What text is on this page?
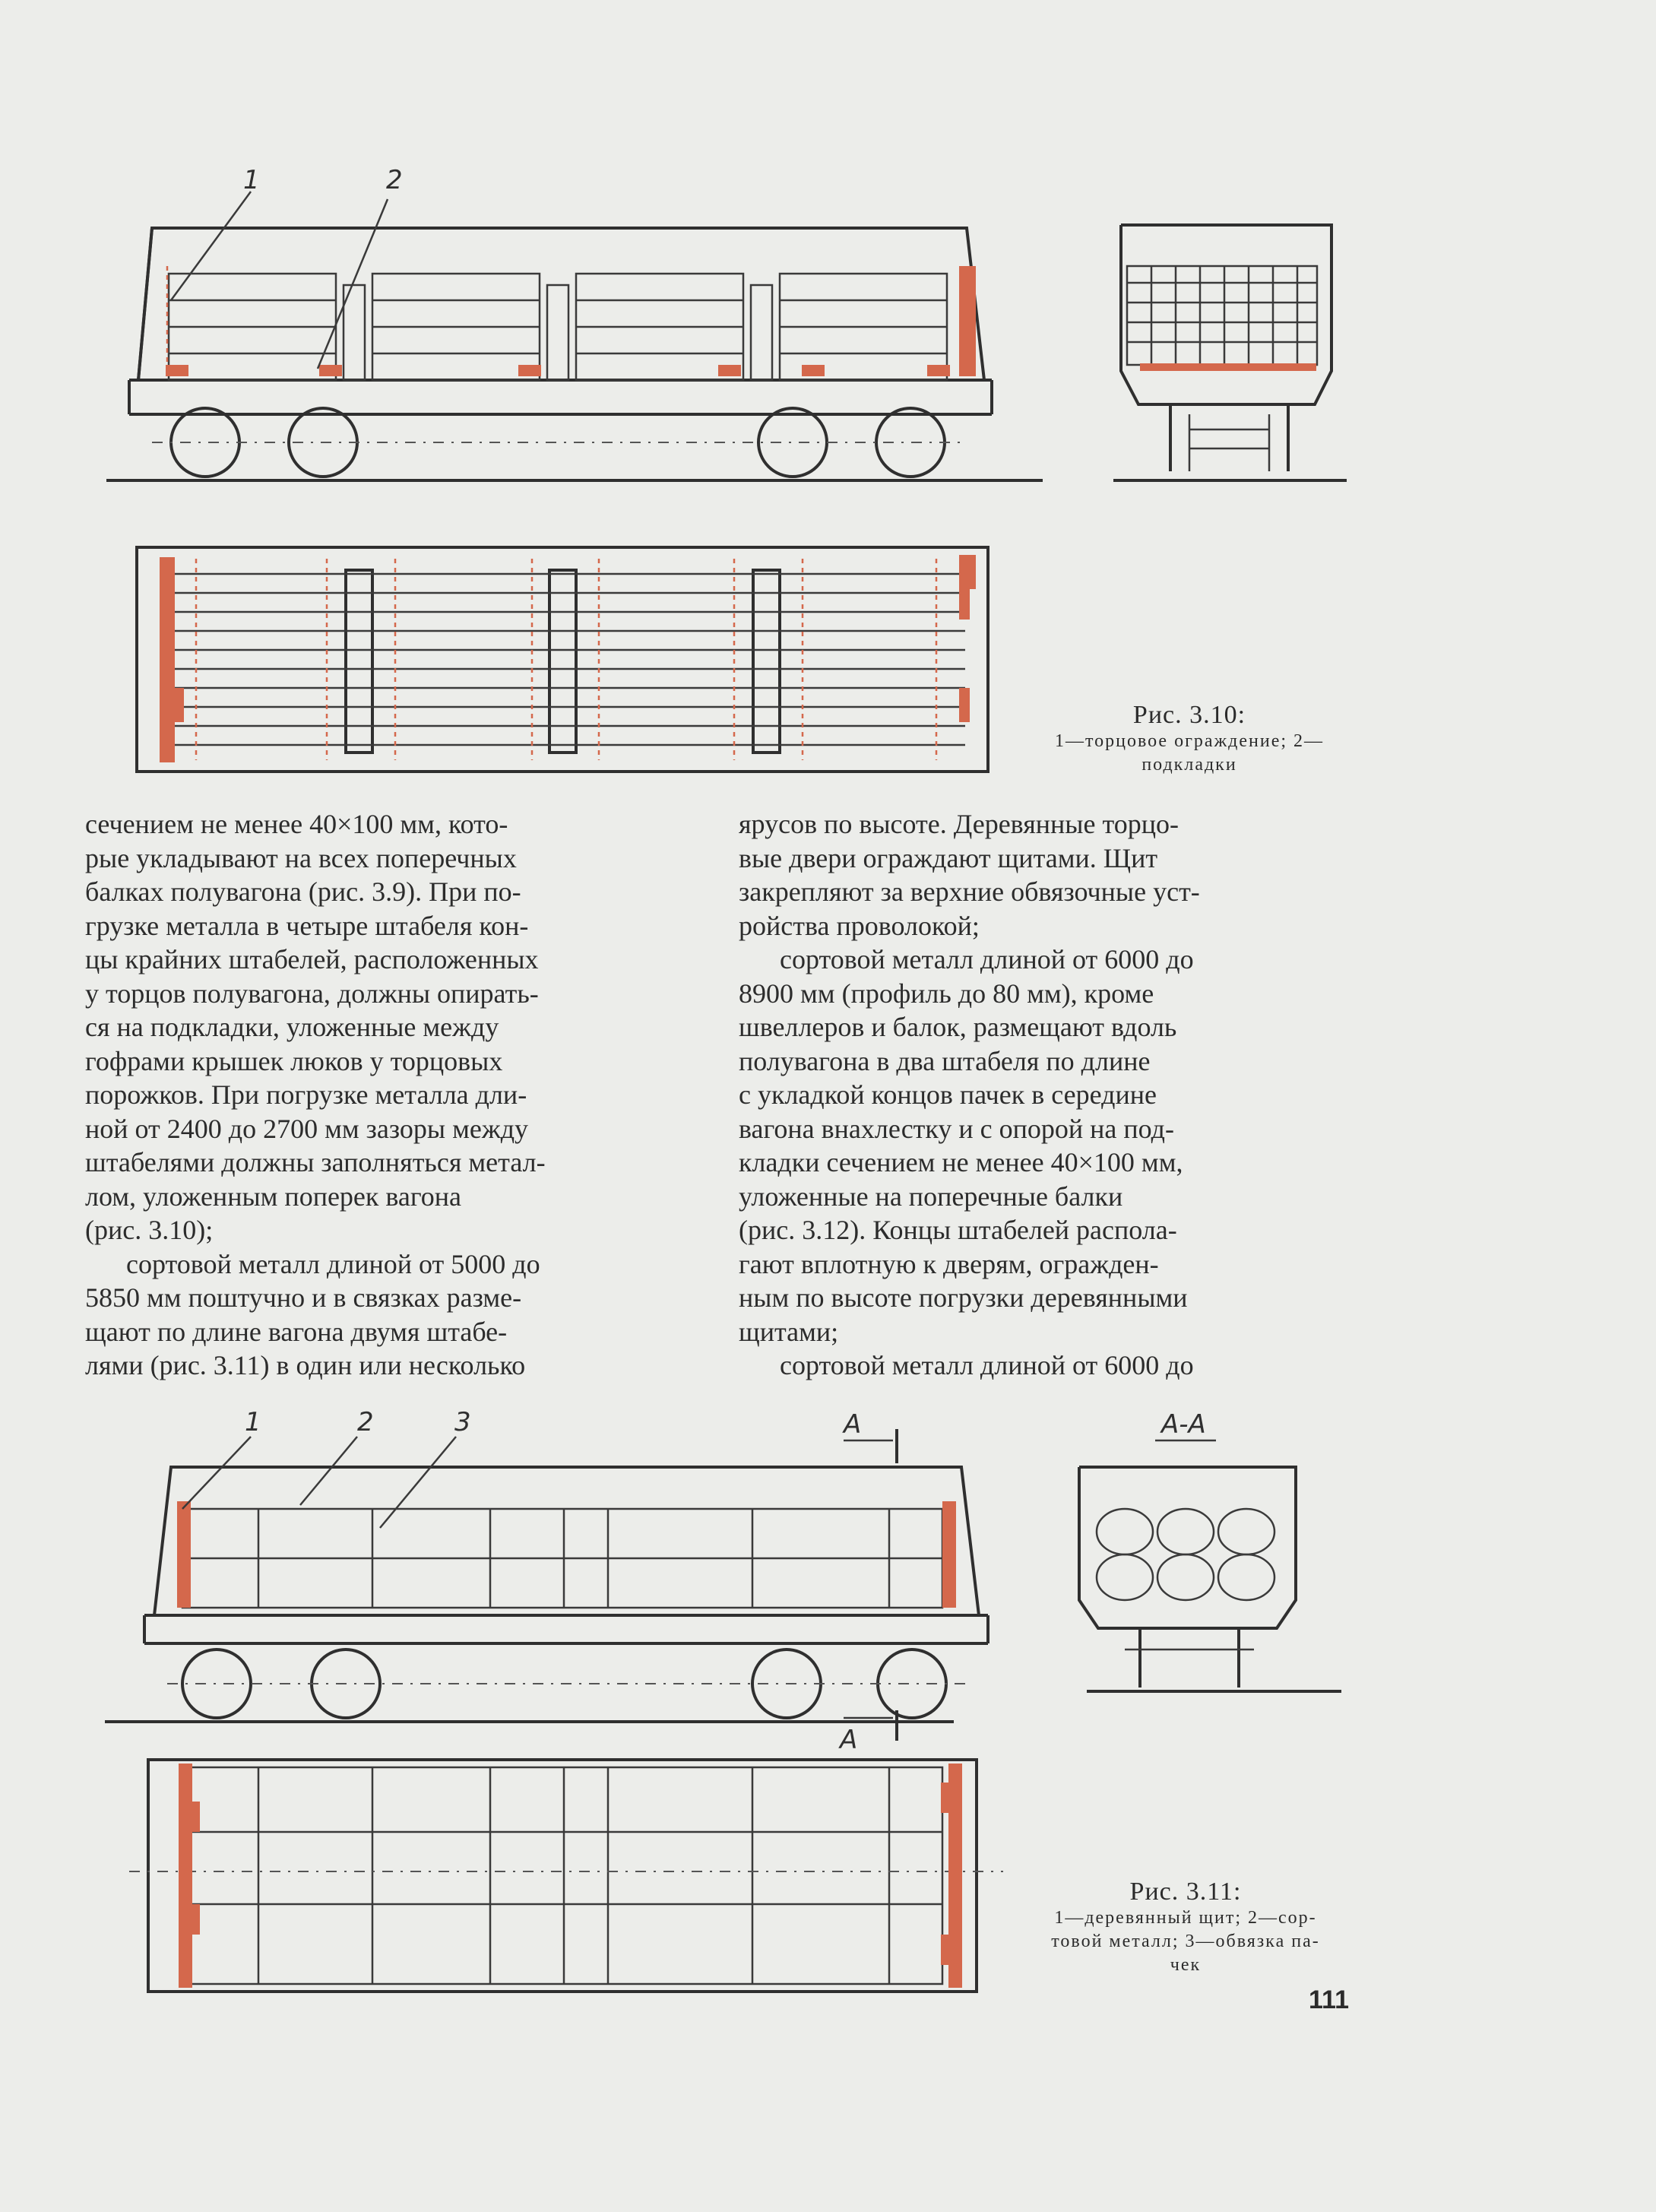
1	2
Рис. 3.10:
1—торцовое ограждение; 2—
подкладки

сечением не менее 40×100 мм, кото-

рые укладывают на всех поперечных

балках полувагона (рис. 3.9). При по-

грузке металла в четыре штабеля кон-

цы крайних штабелей, расположенных

у торцов полувагона, должны опирать-

ся на подкладки, уложенные между

гофрами крышек люков у торцовых

порожков. При погрузке металла дли-

ной от 2400 до 2700 мм зазоры между

штабелями должны заполняться метал-

лом, уложенным поперек вагона

(рис. 3.10);

сортовой металл длиной от 5000 до

5850 мм поштучно и в связках разме-

щают по длине вагона двумя штабе-

лями (рис. 3.11) в один или несколько

ярусов по высоте. Деревянные торцо-

вые двери ограждают щитами. Щит

закрепляют за верхние обвязочные уст-

ройства проволокой;

сортовой металл длиной от 6000 до

8900 мм (профиль до 80 мм), кроме

швеллеров и балок, размещают вдоль

полувагона в два штабеля по длине

с укладкой концов пачек в середине

вагона внахлестку и с опорой на под-

кладки сечением не менее 40×100 мм,

уложенные на поперечные балки

(рис. 3.12). Концы штабелей распола-

гают вплотную к дверям, огражден-

ным по высоте погрузки деревянными

щитами;

сортовой металл длиной от 6000 до

А
А
1	2	3	А-А
Рис. 3.11:
1—деревянный щит; 2—сор-
товой металл; 3—обвязка па-
чек
111
